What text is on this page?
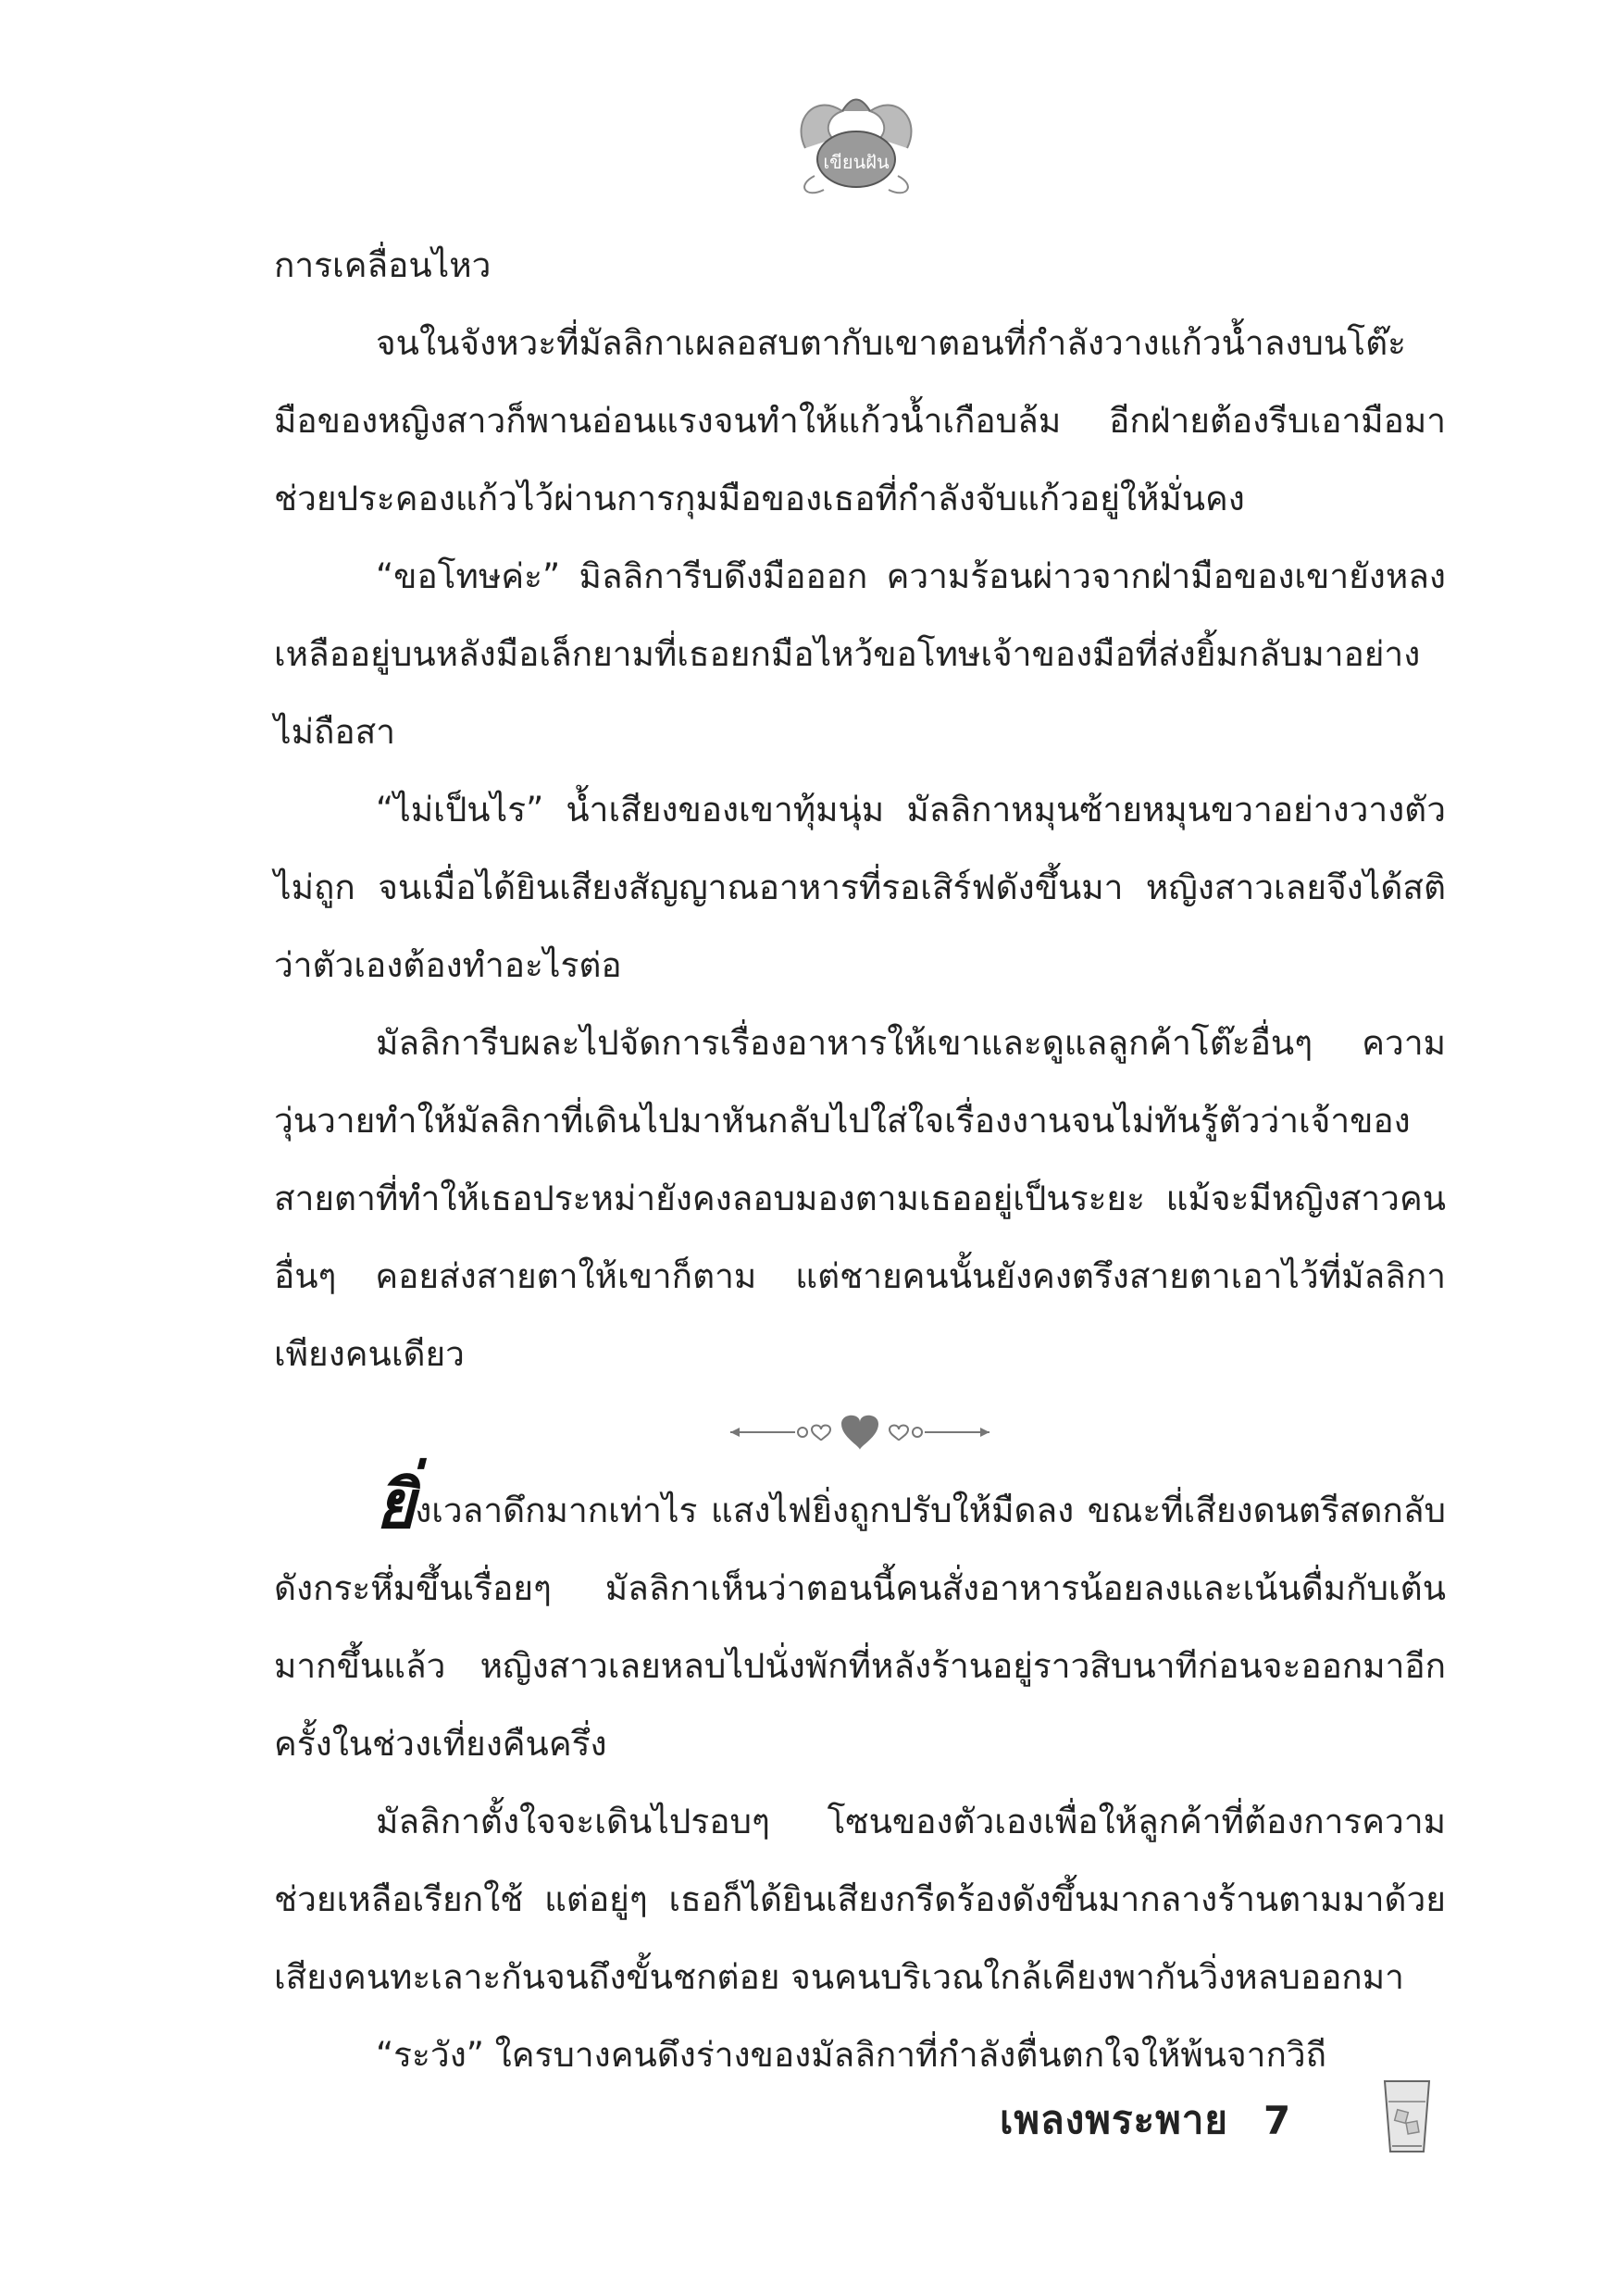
เขียนฝัน

การเคลื่อนไหว

จนในจังหวะที่มัลลิกาเผลอสบตากับเขาตอนที่กำลังวางแก้วน้ำลงบนโต๊ะ มือของหญิงสาวก็พานอ่อนแรงจนทำให้แก้วน้ำเกือบล้ม อีกฝ่ายต้องรีบเอามือมาช่วยประคองแก้วไว้ผ่านการกุมมือของเธอที่กำลังจับแก้วอยู่ให้มั่นคง

“ขอโทษค่ะ” มิลลิการีบดึงมือออก ความร้อนผ่าวจากฝ่ามือของเขายังหลงเหลืออยู่บนหลังมือเล็กยามที่เธอยกมือไหว้ขอโทษเจ้าของมือที่ส่งยิ้มกลับมาอย่างไม่ถือสา

“ไม่เป็นไร” น้ำเสียงของเขาทุ้มนุ่ม มัลลิกาหมุนซ้ายหมุนขวาอย่างวางตัวไม่ถูก จนเมื่อได้ยินเสียงสัญญาณอาหารที่รอเสิร์ฟดังขึ้นมา หญิงสาวเลยจึงได้สติว่าตัวเองต้องทำอะไรต่อ

มัลลิการีบผละไปจัดการเรื่องอาหารให้เขาและดูแลลูกค้าโต๊ะอื่นๆ ความวุ่นวายทำให้มัลลิกาที่เดินไปมาหันกลับไปใส่ใจเรื่องงานจนไม่ทันรู้ตัวว่าเจ้าของสายตาที่ทำให้เธอประหม่ายังคงลอบมองตามเธออยู่เป็นระยะ แม้จะมีหญิงสาวคนอื่นๆ คอยส่งสายตาให้เขาก็ตาม แต่ชายคนนั้นยังคงตรึงสายตาเอาไว้ที่มัลลิกาเพียงคนเดียว

ยิ่งเวลาดึกมากเท่าไร แสงไฟยิ่งถูกปรับให้มืดลง ขณะที่เสียงดนตรีสดกลับดังกระหึ่มขึ้นเรื่อยๆ มัลลิกาเห็นว่าตอนนี้คนสั่งอาหารน้อยลงและเน้นดื่มกับเต้นมากขึ้นแล้ว หญิงสาวเลยหลบไปนั่งพักที่หลังร้านอยู่ราวสิบนาทีก่อนจะออกมาอีกครั้งในช่วงเที่ยงคืนครึ่ง

มัลลิกาตั้งใจจะเดินไปรอบๆ โซนของตัวเองเพื่อให้ลูกค้าที่ต้องการความช่วยเหลือเรียกใช้ แต่อยู่ๆ เธอก็ได้ยินเสียงกรีดร้องดังขึ้นมากลางร้านตามมาด้วยเสียงคนทะเลาะกันจนถึงขั้นชกต่อย จนคนบริเวณใกล้เคียงพากันวิ่งหลบออกมา

“ระวัง” ใครบางคนดึงร่างของมัลลิกาที่กำลังตื่นตกใจให้พ้นจากวิถี

เพลงพระพาย 7
